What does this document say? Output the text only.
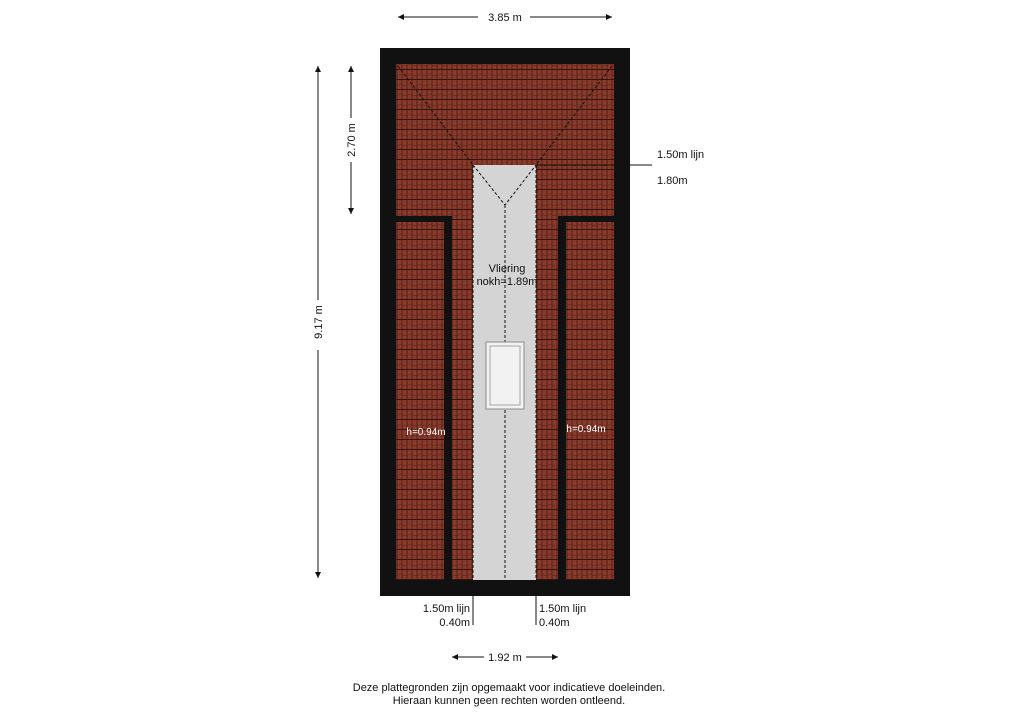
3.85 m
9.17 m
2.70 m
1.92 m
Vliering
nokh=1.89m
h=0.94m	h=0.94m
1.50m lijn
1.80m
1.50m lijn
0.40m
1.50m lijn
0.40m
Deze plattegronden zijn opgemaakt voor indicatieve doeleinden.
Hieraan kunnen geen rechten worden ontleend.
